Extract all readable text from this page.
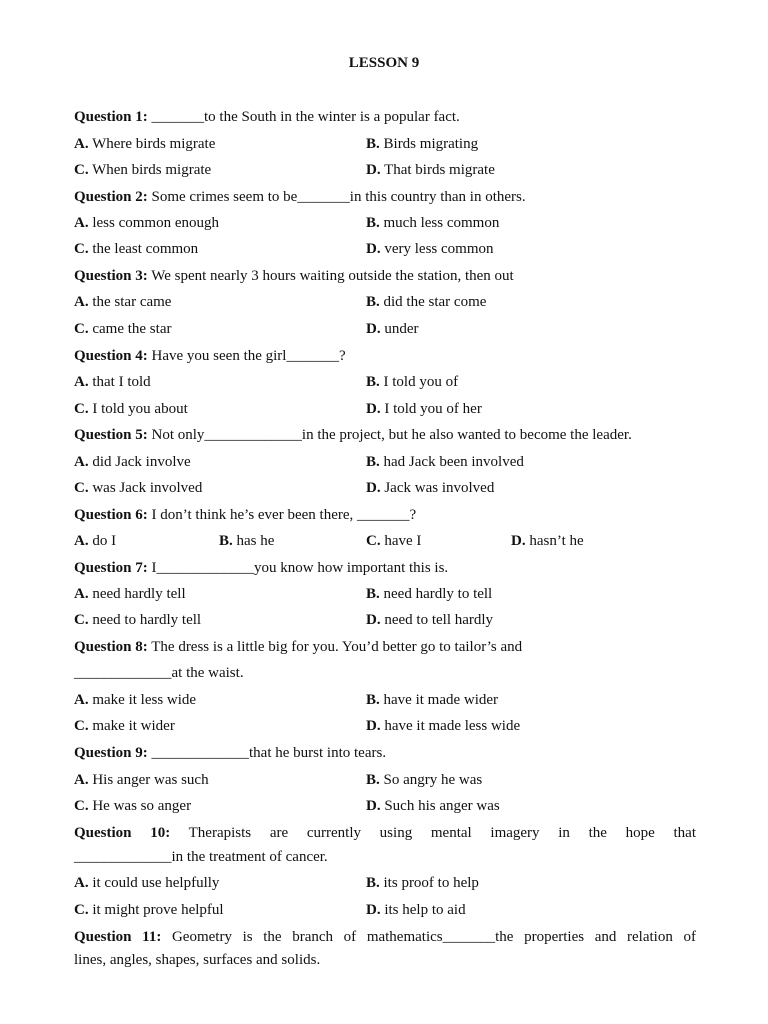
LESSON 9
Question 1: _______to the South in the winter is a popular fact.
A. Where birds migrate	B. Birds migrating
C. When birds migrate	D. That birds migrate
Question 2: Some crimes seem to be_______in this country than in others.
A. less common enough	B. much less common
C. the least common	D. very less common
Question 3: We spent nearly 3 hours waiting outside the station, then out
A. the star came	B. did the star come
C. came the star	D. under
Question 4: Have you seen the girl_______?
A. that I told	B. I told you of
C. I told you about	D. I told you of her
Question 5: Not only_____________in the project, but he also wanted to become the leader.
A. did Jack involve	B. had Jack been involved
C. was Jack involved	D. Jack was involved
Question 6: I don’t think he’s ever been there, _______?
A. do I	B. has he	C. have I	D. hasn’t he
Question 7: I_____________you know how important this is.
A. need hardly tell	B. need hardly to tell
C. need to hardly tell	D. need to tell hardly
Question 8: The dress is a little big for you. You’d better go to tailor’s and
_____________at the waist.
A. make it less wide	B. have it made wider
C. make it wider	D. have it made less wide
Question 9: _____________that he burst into tears.
A. His anger was such	B. So angry he was
C. He was so anger	D. Such his anger was
Question 10: Therapists are currently using mental imagery in the hope that
_____________in the treatment of cancer.
A. it could use helpfully	B. its proof to help
C. it might prove helpful	D. its help to aid
Question 11: Geometry is the branch of mathematics_______the properties and relation of
lines, angles, shapes, surfaces and solids.
